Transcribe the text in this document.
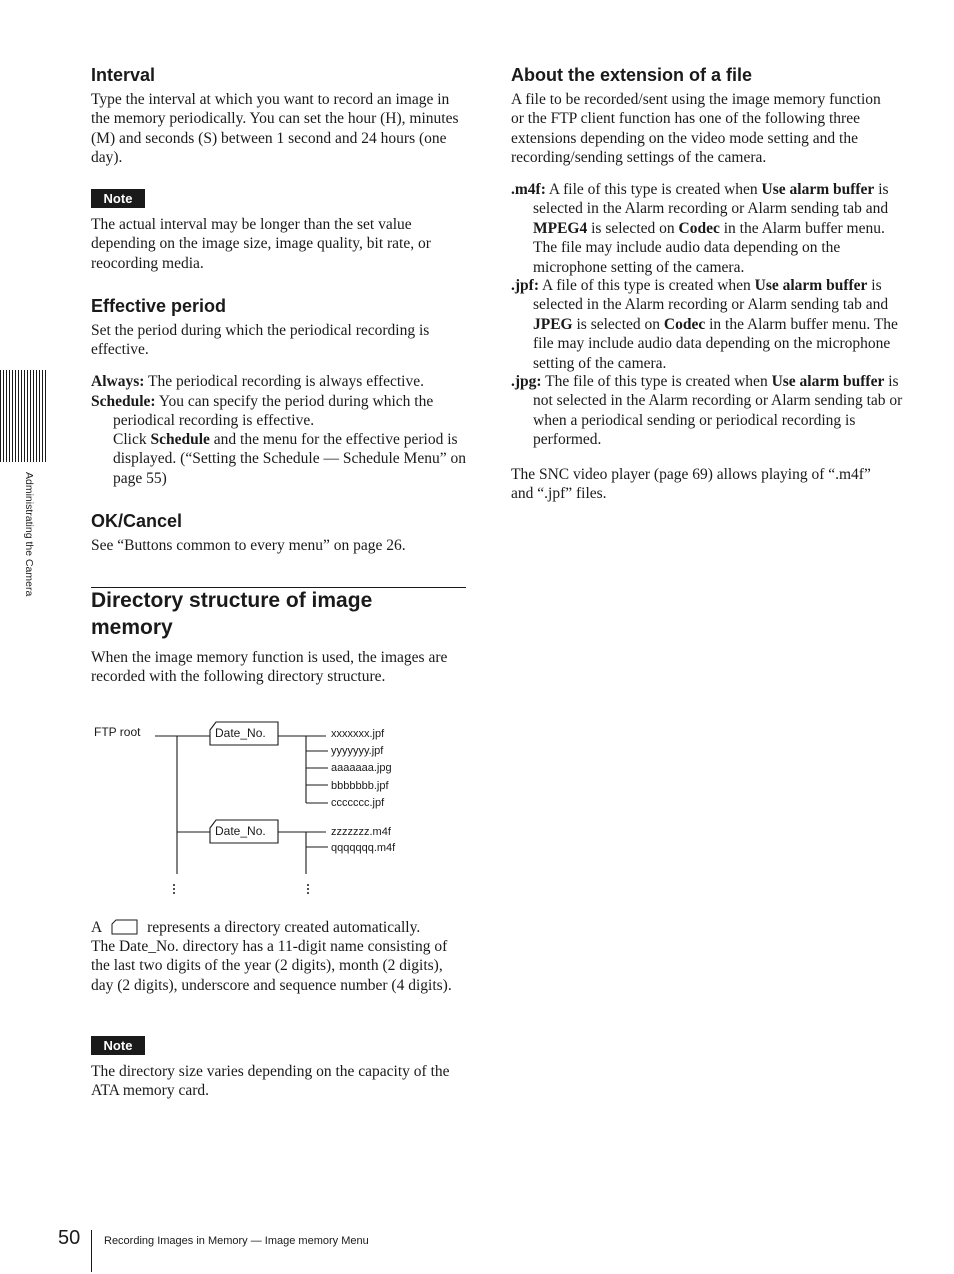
Administrating the Camera
Interval

Type the interval at which you want to record an image in the memory periodically. You can set the hour (H), minutes (M) and seconds (S) between 1 second and 24 hours (one day).

Note

The actual interval may be longer than the set value depending on the image size, image quality, bit rate, or reocording media.

Effective period

Set the period during which the periodical recording is effective.

Always: The periodical recording is always effective.

Schedule: You can specify the period during which the periodical recording is effective.

Click Schedule and the menu for the effective period is displayed. (“Setting the Schedule — Schedule Menu” on page 55)

OK/Cancel

See “Buttons common to every menu” on page 26.

Directory structure of image
memory

When the image memory function is used, the images are recorded with the following directory structure.

FTP root	Date_No.
Date_No.
xxxxxxx.jpf
yyyyyyy.jpf
aaaaaaa.jpg
bbbbbbb.jpf
ccccccc.jpf
zzzzzzz.m4f
qqqqqqq.m4f
A	represents a directory created automatically.

The Date_No. directory has a 11-digit name consisting of the last two digits of the year (2 digits), month (2 digits), day (2 digits), underscore and sequence number (4 digits).

Note

The directory size varies depending on the capacity of the ATA memory card.

About the extension of a file

A file to be recorded/sent using the image memory function or the FTP client function has one of the following three extensions depending on the video mode setting and the recording/sending settings of the camera.

.m4f: A file of this type is created when Use alarm buffer is selected in the Alarm recording or Alarm sending tab and MPEG4 is selected on Codec in the Alarm buffer menu. The file may include audio data depending on the microphone setting of the camera.

.jpf: A file of this type is created when Use alarm buffer is selected in the Alarm recording or Alarm sending tab and JPEG is selected on Codec in the Alarm buffer menu. The file may include audio data depending on the microphone setting of the camera.

.jpg: The file of this type is created when Use alarm buffer is not selected in the Alarm recording or Alarm sending tab or when a periodical sending or periodical recording is performed.

The SNC video player (page 69) allows playing of “.m4f” and “.jpf” files.

50 Recording Images in Memory — Image memory Menu
